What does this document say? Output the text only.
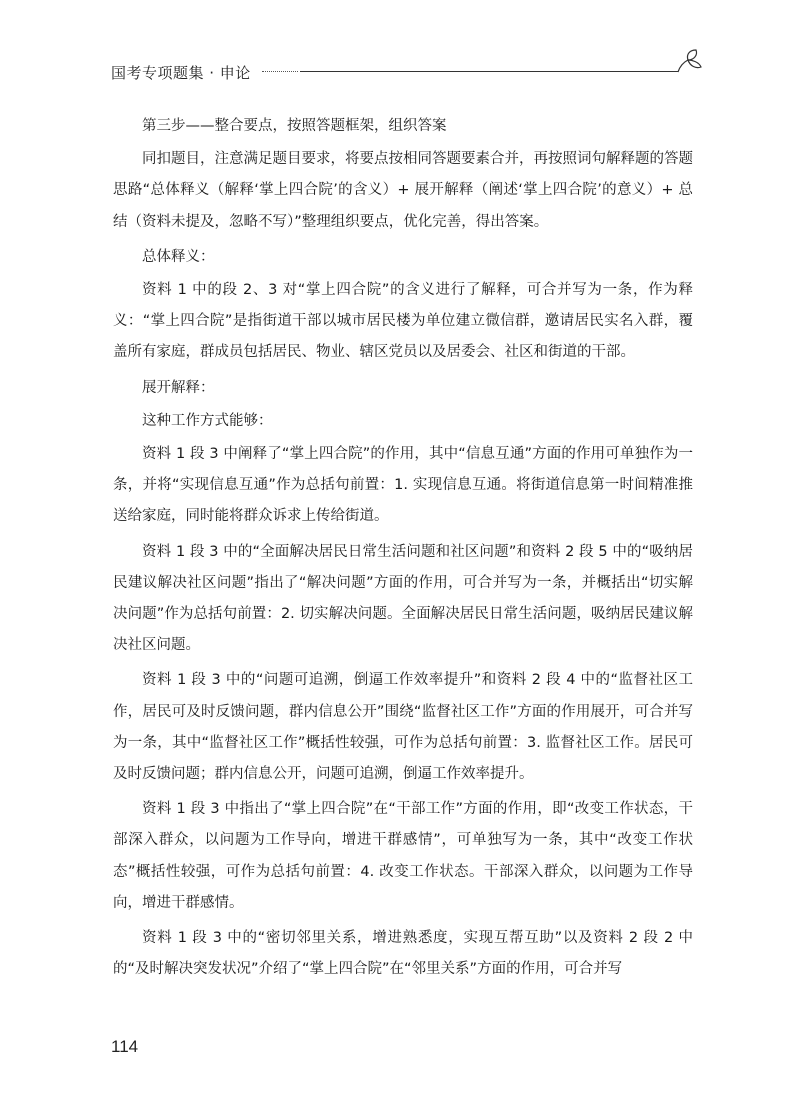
国考专项题集 · 申论

第三步——整合要点，按照答题框架，组织答案

同扣题目，注意满足题目要求，将要点按相同答题要素合并，再按照词句解释题的答题思路“总体释义（解释‘掌上四合院’的含义）+ 展开解释（阐述‘掌上四合院’的意义）+ 总结（资料未提及，忽略不写）”整理组织要点，优化完善，得出答案。

总体释义：

资料 1 中的段 2、3 对“掌上四合院”的含义进行了解释，可合并写为一条，作为释义：“掌上四合院”是指街道干部以城市居民楼为单位建立微信群，邀请居民实名入群，覆盖所有家庭，群成员包括居民、物业、辖区党员以及居委会、社区和街道的干部。

展开解释：

这种工作方式能够：

资料 1 段 3 中阐释了“掌上四合院”的作用，其中“信息互通”方面的作用可单独作为一条，并将“实现信息互通”作为总括句前置：1. 实现信息互通。将街道信息第一时间精准推送给家庭，同时能将群众诉求上传给街道。

资料 1 段 3 中的“全面解决居民日常生活问题和社区问题”和资料 2 段 5 中的“吸纳居民建议解决社区问题”指出了“解决问题”方面的作用，可合并写为一条，并概括出“切实解决问题”作为总括句前置：2. 切实解决问题。全面解决居民日常生活问题，吸纳居民建议解决社区问题。

资料 1 段 3 中的“问题可追溯，倒逼工作效率提升”和资料 2 段 4 中的“监督社区工作，居民可及时反馈问题，群内信息公开”围绕“监督社区工作”方面的作用展开，可合并写为一条，其中“监督社区工作”概括性较强，可作为总括句前置：3. 监督社区工作。居民可及时反馈问题；群内信息公开，问题可追溯，倒逼工作效率提升。

资料 1 段 3 中指出了“掌上四合院”在“干部工作”方面的作用，即“改变工作状态，干部深入群众，以问题为工作导向，增进干群感情”，可单独写为一条，其中“改变工作状态”概括性较强，可作为总括句前置：4. 改变工作状态。干部深入群众，以问题为工作导向，增进干群感情。

资料 1 段 3 中的“密切邻里关系，增进熟悉度，实现互帮互助”以及资料 2 段 2 中的“及时解决突发状况”介绍了“掌上四合院”在“邻里关系”方面的作用，可合并写

114
